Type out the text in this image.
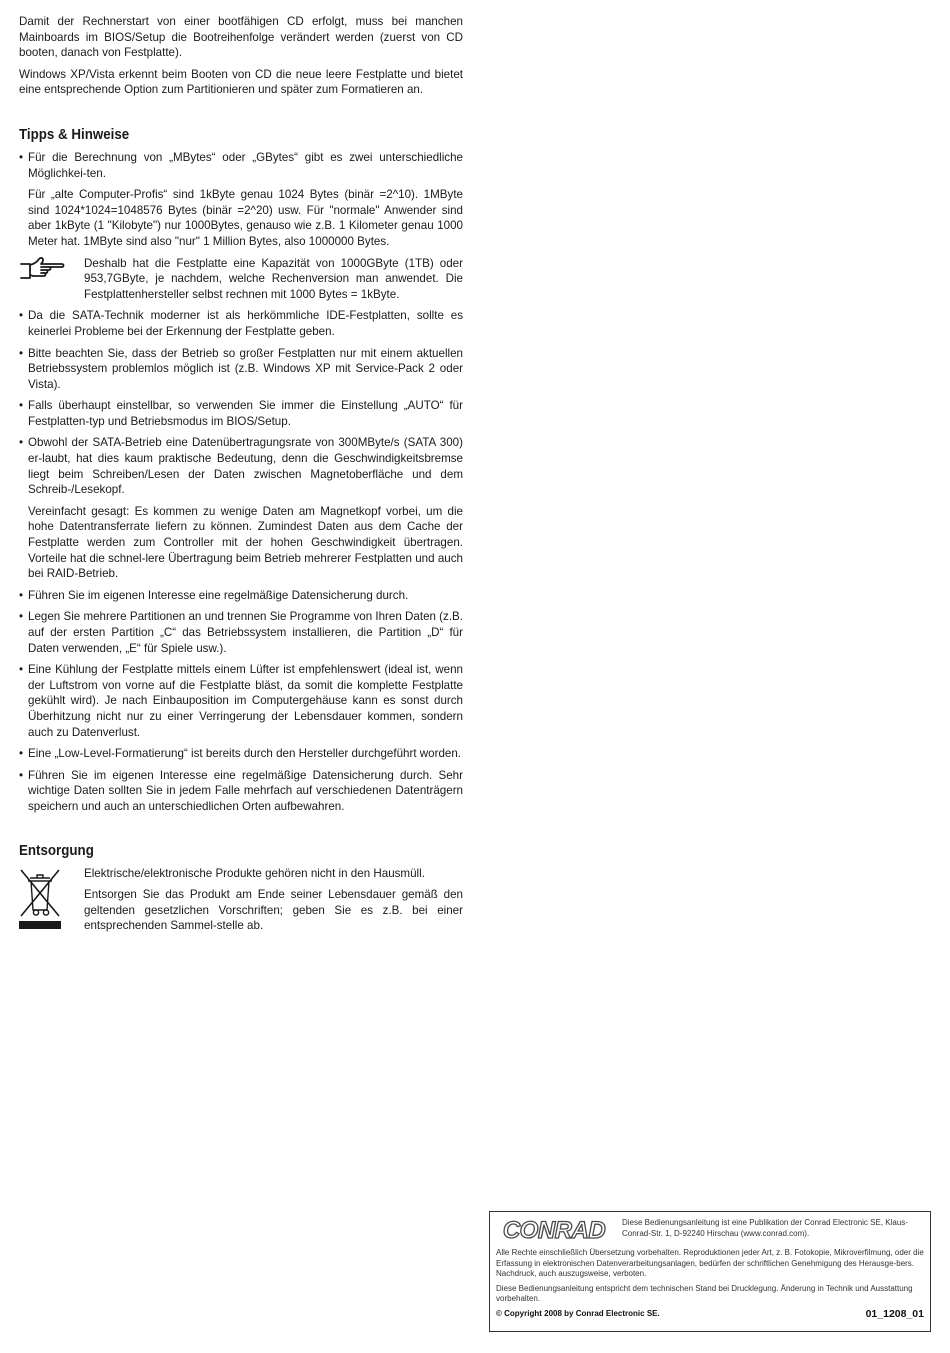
Damit der Rechnerstart von einer bootfähigen CD erfolgt, muss bei manchen Mainboards im BIOS/Setup die Bootreihenfolge verändert werden (zuerst von CD booten, danach von Festplatte).

Windows XP/Vista erkennt beim Booten von CD die neue leere Festplatte und bietet eine entsprechende Option zum Partitionieren und später zum Formatieren an.

Tipps & Hinweise
• Für die Berechnung von „MBytes“ oder „GBytes“ gibt es zwei unterschiedliche Möglichkei-ten.

Für „alte Computer-Profis“ sind 1kByte genau 1024 Bytes (binär =2^10). 1MByte sind 1024*1024=1048576 Bytes (binär =2^20) usw. Für "normale" Anwender sind aber 1kByte (1 "Kilobyte") nur 1000Bytes, genauso wie z.B. 1 Kilometer genau 1000 Meter hat. 1MByte sind also "nur" 1 Million Bytes, also 1000000 Bytes.

Deshalb hat die Festplatte eine Kapazität von 1000GByte (1TB) oder 953,7GByte, je nachdem, welche Rechenversion man anwendet. Die Festplattenhersteller selbst rechnen mit 1000 Bytes = 1kByte.
• Da die SATA-Technik moderner ist als herkömmliche IDE-Festplatten, sollte es keinerlei Probleme bei der Erkennung der Festplatte geben.
• Bitte beachten Sie, dass der Betrieb so großer Festplatten nur mit einem aktuellen Betriebssystem problemlos möglich ist (z.B. Windows XP mit Service-Pack 2 oder Vista).
• Falls überhaupt einstellbar, so verwenden Sie immer die Einstellung „AUTO“ für Festplatten-typ und Betriebsmodus im BIOS/Setup.
• Obwohl der SATA-Betrieb eine Datenübertragungsrate von 300MByte/s (SATA 300) er-laubt, hat dies kaum praktische Bedeutung, denn die Geschwindigkeitsbremse liegt beim Schreiben/Lesen der Daten zwischen Magnetoberfläche und dem Schreib-/Lesekopf.

Vereinfacht gesagt: Es kommen zu wenige Daten am Magnetkopf vorbei, um die hohe Datentransferrate liefern zu können. Zumindest Daten aus dem Cache der Festplatte werden zum Controller mit der hohen Geschwindigkeit übertragen. Vorteile hat die schnel-lere Übertragung beim Betrieb mehrerer Festplatten und auch bei RAID-Betrieb.

• Führen Sie im eigenen Interesse eine regelmäßige Datensicherung durch.
• Legen Sie mehrere Partitionen an und trennen Sie Programme von Ihren Daten (z.B. auf der ersten Partition „C“ das Betriebssystem installieren, die Partition „D“ für Daten verwenden, „E“ für Spiele usw.).
• Eine Kühlung der Festplatte mittels einem Lüfter ist empfehlenswert (ideal ist, wenn der Luftstrom von vorne auf die Festplatte bläst, da somit die komplette Festplatte gekühlt wird). Je nach Einbauposition im Computergehäuse kann es sonst durch Überhitzung nicht nur zu einer Verringerung der Lebensdauer kommen, sondern auch zu Datenverlust.
• Eine „Low-Level-Formatierung“ ist bereits durch den Hersteller durchgeführt worden.
• Führen Sie im eigenen Interesse eine regelmäßige Datensicherung durch. Sehr wichtige Daten sollten Sie in jedem Falle mehrfach auf verschiedenen Datenträgern speichern und auch an unterschiedlichen Orten aufbewahren.
Entsorgung

Elektrische/elektronische Produkte gehören nicht in den Hausmüll.

Entsorgen Sie das Produkt am Ende seiner Lebensdauer gemäß den geltenden gesetzlichen Vorschriften; geben Sie es z.B. bei einer entsprechenden Sammel-stelle ab.

CONRAD Diese Bedienungsanleitung ist eine Publikation der Conrad Electronic SE, Klaus-Conrad-Str. 1, D-92240 Hirschau (www.conrad.com).

Alle Rechte einschließlich Übersetzung vorbehalten. Reproduktionen jeder Art, z. B. Fotokopie, Mikroverfilmung, oder die Erfassung in elektronischen Datenverarbeitungsanlagen, bedürfen der schriftlichen Genehmigung des Herausge-bers. Nachdruck, auch auszugsweise, verboten.

Diese Bedienungsanleitung entspricht dem technischen Stand bei Drucklegung. Änderung in Technik und Ausstattung vorbehalten.

© Copyright 2008 by Conrad Electronic SE.	01_1208_01
